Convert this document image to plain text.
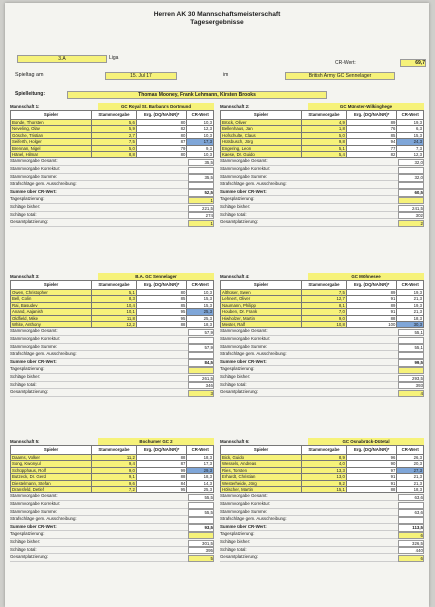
Herren AK 30 Mannschaftsmeisterschaft
Tagesergebnisse
3.A	Liga
CR-Wert:	69,7
Spieltag am	15. Jul 17	im	British Army GC Sennelager
Spielleitung:	Thomas Mooney, Frank Lehmann, Kirsten Brooks
Mannschaft 1:	GC Royal St. Barbara's Dortmund
Spieler	Stammvorgabe	Erg. (DQ/NA/NR)*	CR-Wert
Bonde, Thorsten	5,6	80	10,3
Neveling, Olav	5,9	82	12,3
Gösche, Tristian	2,7	80	10,3
Seiferth, Holger	7,5	87	17,3
Brennan, Nigel	5,0	79	9,3
Hänel, Hilmar	8,8	80	10,3
Stammvorgabe Gesamt:	35,5
Stammvorgabe Korrektur:
Stammvorgabe Summe:	35,5
Strafschläge gem. Ausschreibung:
Summe über CR-Wert:	52,5
Tagesplatzierung:	1
Schläge bisher:	221,5
Schläge total:	274
Gesamtplatzierung:	1
Mannschaft 2:	GC Münster-Wilkinghege
Spieler	Stammvorgabe	Erg. (DQ/NA/NR)*	CR-Wert
Brück, Oliver	4,9	89	19,3
Bellenhaus, Jan	1,8	76	6,3
Hofschulte, Claus	5,0	85	15,3
Hütsbusch, Jörg	9,8	94	24,3
Engering, Leon	5,1	77	7,3
Kaese, Dr. Guido	5,4	82	12,3
Stammvorgabe Gesamt:	32,0
Stammvorgabe Korrektur:
Stammvorgabe Summe:	32,0
Strafschläge gem. Ausschreibung:
Summe über CR-Wert:	60,5
Tagesplatzierung:
Schläge bisher:	241,5
Schläge total:	302
Gesamtplatzierung:	2
Mannschaft 3:	B.A. GC Sennelager
Spieler	Stammvorgabe	Erg. (DQ/NA/NR)*	CR-Wert
Owen, Christopher	5,1	80	10,3
Bell, Colin	8,3	85	15,3
Rai, Basudev	10,4	85	15,3
Anand, Aajanish	10,1	95	25,3
Oldfield, Mike	11,8	95	25,3
White, Anthony	12,2	88	18,3
Stammvorgabe Gesamt:	57,9
Stammvorgabe Korrektur:
Stammvorgabe Summe:	57,9
Strafschläge gem. Ausschreibung:
Summe über CR-Wert:	84,5
Tagesplatzierung:
Schläge bisher:	261,5
Schläge total:	346
Gesamtplatzierung:	3
Mannschaft 4:	GC Möhnesee
Spieler	Stammvorgabe	Erg. (DQ/NA/NR)*	CR-Wert
Althüser, Swen	7,5	89	19,3
Lehnert, Oliver	12,7	91	21,3
Naumann, Philipp	8,1	89	19,3
Houben, Dr. Frank	7,0	91	21,3
Hiwholzer, Martin	9,0	88	18,3
Mester, Ralf	10,8	100	30,3
Stammvorgabe Gesamt:	55,1
Stammvorgabe Korrektur:
Stammvorgabe Summe:	55,1
Strafschläge gem. Ausschreibung:
Summe über CR-Wert:	99,5
Tagesplatzierung:
Schläge bisher:	293,5
Schläge total:	393
Gesamtplatzierung:	4
Mannschaft 5:	Bochumer GC 2
Spieler	Stammvorgabe	Erg. (DQ/NA/NR)*	CR-Wert
Daams, Volker	11,2	88	18,3
Song, Kwonyul	9,4	87	17,3
Schüpphaus, Rolf	9,0	99	29,3
Butzeck, Dr. Gerd	9,1	88	18,3
Diestelmann, Stefan	9,6	84	14,3
Dransfeld, Detlef	7,2	95	25,3
Stammvorgabe Gesamt:	55,5
Stammvorgabe Korrektur:
Stammvorgabe Summe:	55,5
Strafschläge gem. Ausschreibung:
Summe über CR-Wert:	93,5
Tagesplatzierung:
Schläge bisher:	301,5
Schläge total:	395
Gesamtplatzierung:	5
Mannschaft 6:	GC Osnabrück-Dütetal
Spieler	Stammvorgabe	Erg. (DQ/NA/NR)*	CR-Wert
Bick, Guido	8,9	96	26,3
Wessels, Andreas	4,0	90	20,3
Ries, Torsten	13,3	97	27,3
Erhardt, Christian	13,0	91	21,3
Westerheide, Jörg	9,2	91	21,3
Hölscher, Martin	15,1	88	18,3
Stammvorgabe Gesamt:	63,6
Stammvorgabe Korrektur:
Stammvorgabe Summe:	63,6
Strafschläge gem. Ausschreibung:
Summe über CR-Wert:	113,5
Tagesplatzierung:	6
Schläge bisher:	326,5
Schläge total:	440
Gesamtplatzierung:	6
